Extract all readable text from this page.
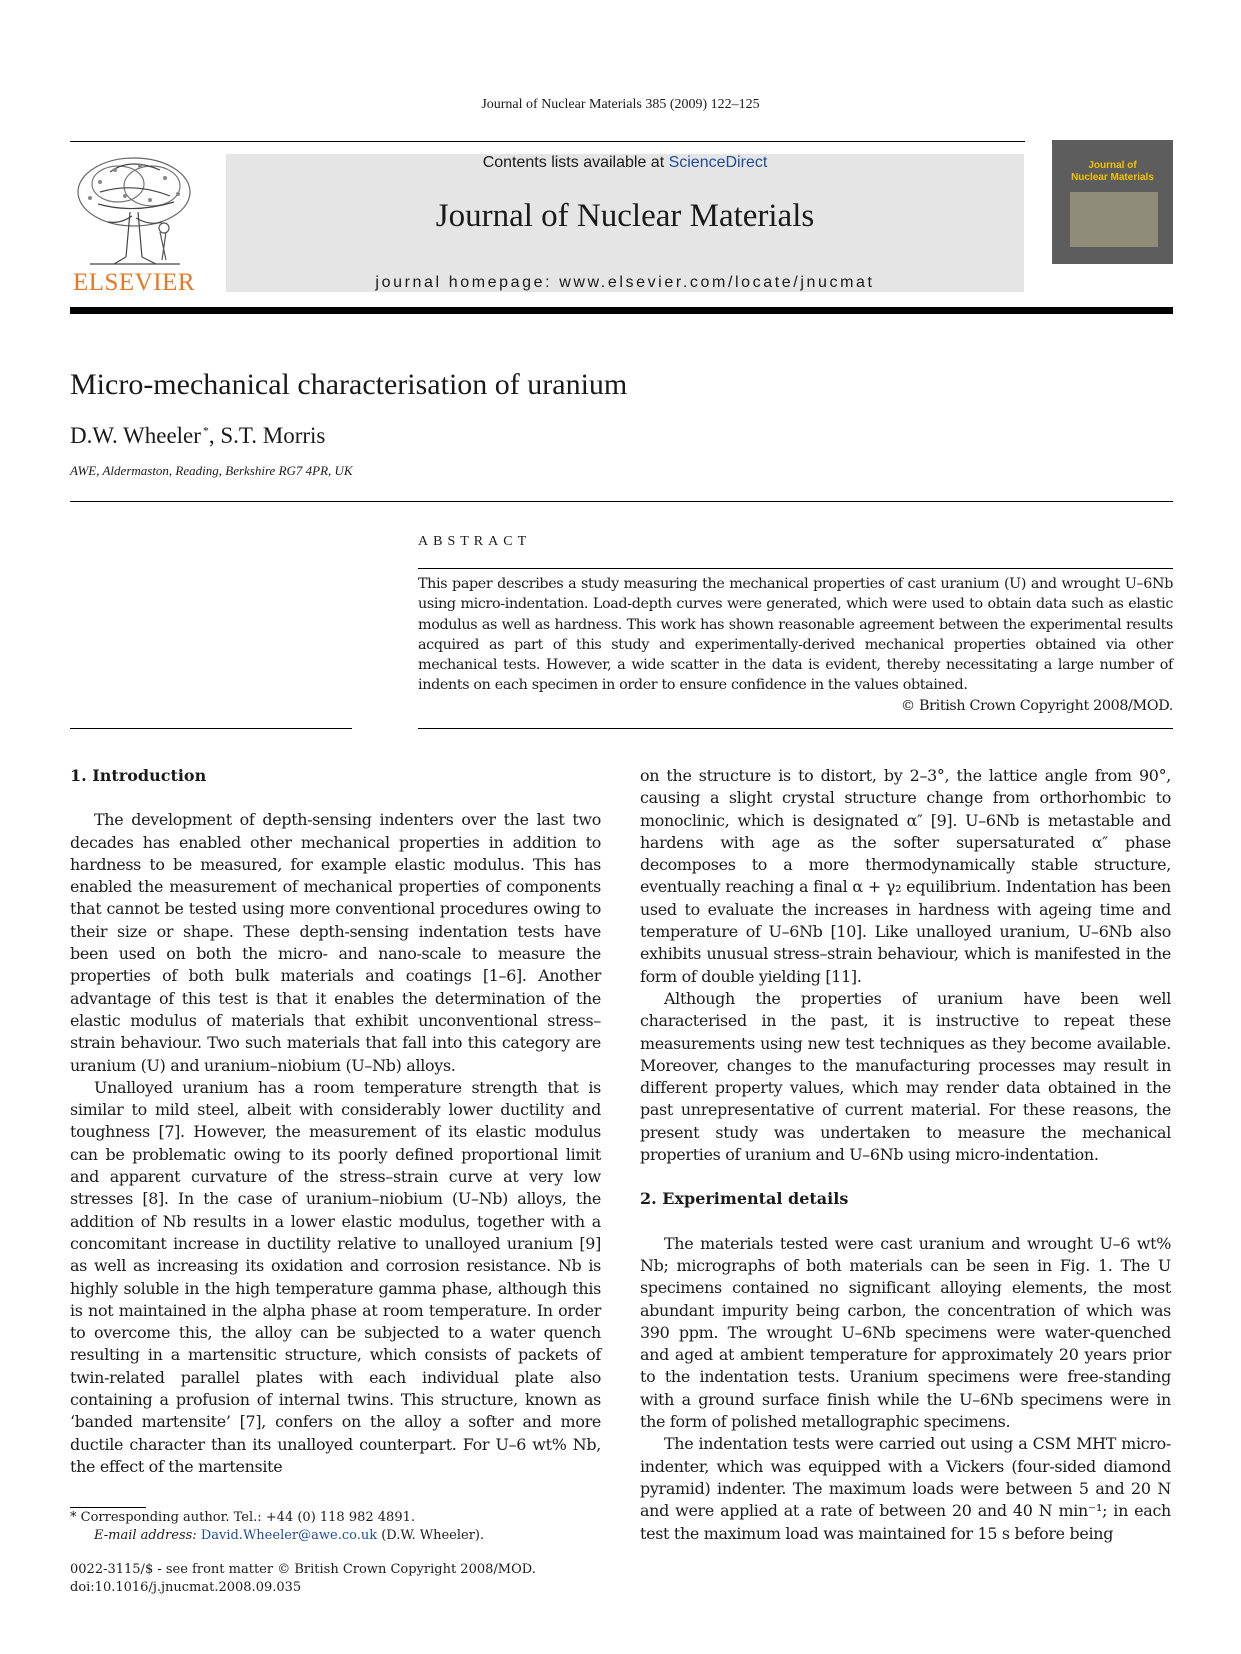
Journal of Nuclear Materials 385 (2009) 122–125
ELSEVIER
Contents lists available at ScienceDirect
Journal of Nuclear Materials
journal homepage: www.elsevier.com/locate/jnucmat
Journal of
Nuclear Materials
Micro-mechanical characterisation of uranium
D.W. Wheeler  *, S.T. Morris
AWE, Aldermaston, Reading, Berkshire RG7 4PR, UK
ABSTRACT
This paper describes a study measuring the mechanical properties of cast uranium (U) and wrought U–6Nb using micro-indentation. Load-depth curves were generated, which were used to obtain data such as elastic modulus as well as hardness. This work has shown reasonable agreement between the experimental results acquired as part of this study and experimentally-derived mechanical properties obtained via other mechanical tests. However, a wide scatter in the data is evident, thereby necessitating a large number of indents on each specimen in order to ensure confidence in the values obtained.
© British Crown Copyright 2008/MOD.
1. Introduction

The development of depth-sensing indenters over the last two decades has enabled other mechanical properties in addition to hardness to be measured, for example elastic modulus. This has enabled the measurement of mechanical properties of components that cannot be tested using more conventional procedures owing to their size or shape. These depth-sensing indentation tests have been used on both the micro- and nano-scale to measure the properties of both bulk materials and coatings [1–6]. Another advantage of this test is that it enables the determination of the elastic modulus of materials that exhibit unconventional stress–strain behaviour. Two such materials that fall into this category are uranium (U) and uranium–niobium (U–Nb) alloys.

Unalloyed uranium has a room temperature strength that is similar to mild steel, albeit with considerably lower ductility and toughness [7]. However, the measurement of its elastic modulus can be problematic owing to its poorly defined proportional limit and apparent curvature of the stress–strain curve at very low stresses [8]. In the case of uranium–niobium (U–Nb) alloys, the addition of Nb results in a lower elastic modulus, together with a concomitant increase in ductility relative to unalloyed uranium [9] as well as increasing its oxidation and corrosion resistance. Nb is highly soluble in the high temperature gamma phase, although this is not maintained in the alpha phase at room temperature. In order to overcome this, the alloy can be subjected to a water quench resulting in a martensitic structure, which consists of packets of twin-related parallel plates with each individual plate also containing a profusion of internal twins. This structure, known as ‘banded martensite’ [7], confers on the alloy a softer and more ductile character than its unalloyed counterpart. For U–6 wt% Nb, the effect of the martensite

on the structure is to distort, by 2–3°, the lattice angle from 90°, causing a slight crystal structure change from orthorhombic to monoclinic, which is designated α″ [9]. U–6Nb is metastable and hardens with age as the softer supersaturated α″ phase decomposes to a more thermodynamically stable structure, eventually reaching a final α + γ₂ equilibrium. Indentation has been used to evaluate the increases in hardness with ageing time and temperature of U–6Nb [10]. Like unalloyed uranium, U–6Nb also exhibits unusual stress–strain behaviour, which is manifested in the form of double yielding [11].

Although the properties of uranium have been well characterised in the past, it is instructive to repeat these measurements using new test techniques as they become available. Moreover, changes to the manufacturing processes may result in different property values, which may render data obtained in the past unrepresentative of current material. For these reasons, the present study was undertaken to measure the mechanical properties of uranium and U–6Nb using micro-indentation.

2. Experimental details

The materials tested were cast uranium and wrought U–6 wt% Nb; micrographs of both materials can be seen in Fig. 1. The U specimens contained no significant alloying elements, the most abundant impurity being carbon, the concentration of which was 390 ppm. The wrought U–6Nb specimens were water-quenched and aged at ambient temperature for approximately 20 years prior to the indentation tests. Uranium specimens were free-standing with a ground surface finish while the U–6Nb specimens were in the form of polished metallographic specimens.

The indentation tests were carried out using a CSM MHT micro-indenter, which was equipped with a Vickers (four-sided diamond pyramid) indenter. The maximum loads were between 5 and 20 N and were applied at a rate of between 20 and 40 N min⁻¹; in each test the maximum load was maintained for 15 s before being

* Corresponding author. Tel.: +44 (0) 118 982 4891.
E-mail address: David.Wheeler@awe.co.uk (D.W. Wheeler).
0022-3115/$ - see front matter © British Crown Copyright 2008/MOD.
doi:10.1016/j.jnucmat.2008.09.035
